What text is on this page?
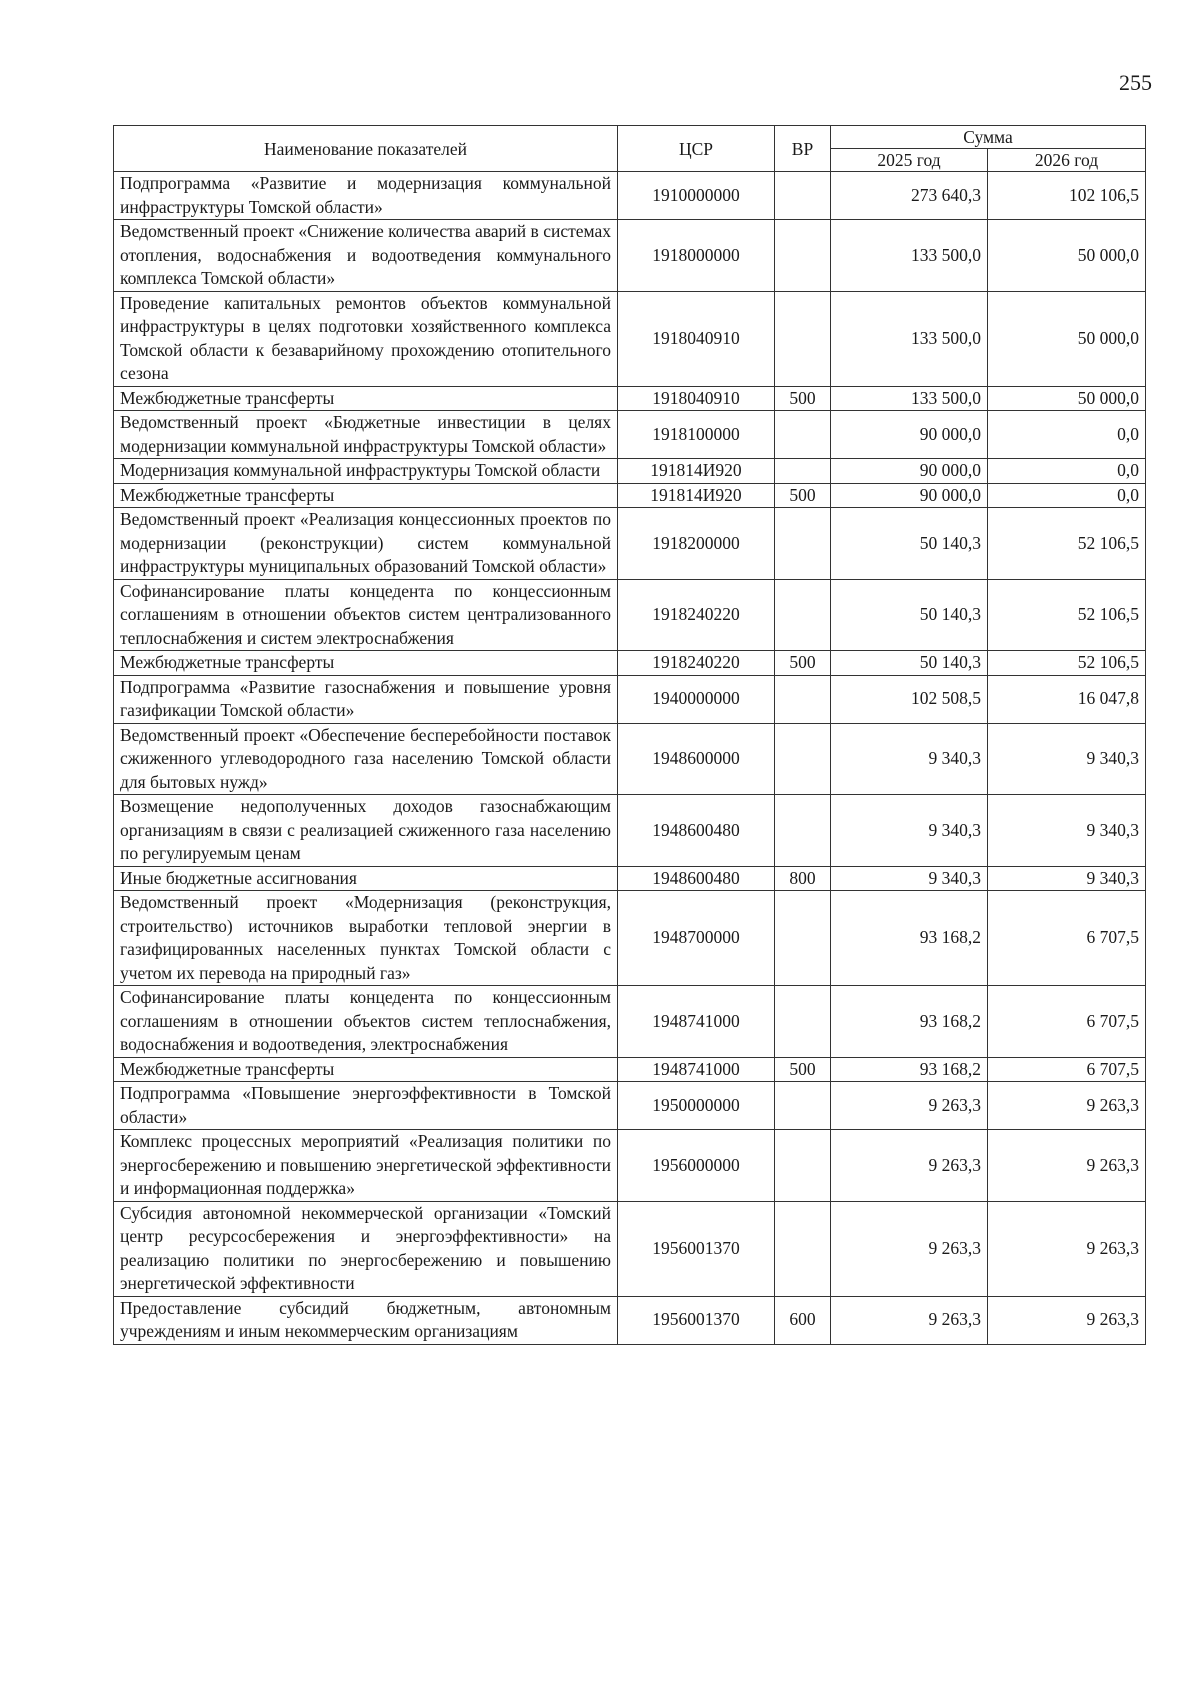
255
Наименование показателей	ЦСР	ВР	Сумма	
			2025 год	2026 год
Подпрограмма «Развитие и модернизация коммунальной инфраструктуры Томской области»	1910000000		273 640,3	102 106,5
Ведомственный проект «Снижение количества аварий в системах отопления, водоснабжения и водоотведения коммунального комплекса Томской области»	1918000000		133 500,0	50 000,0
Проведение капитальных ремонтов объектов коммунальной инфраструктуры в целях подготовки хозяйственного комплекса Томской области к безаварийному прохождению отопительного сезона	1918040910		133 500,0	50 000,0
Межбюджетные трансферты	1918040910	500	133 500,0	50 000,0
Ведомственный проект «Бюджетные инвестиции в целях модернизации коммунальной инфраструктуры Томской области»	1918100000		90 000,0	0,0
Модернизация коммунальной инфраструктуры Томской области	191814И920		90 000,0	0,0
Межбюджетные трансферты	191814И920	500	90 000,0	0,0
Ведомственный проект «Реализация концессионных проектов по модернизации (реконструкции) систем коммунальной инфраструктуры муниципальных образований Томской области»	1918200000		50 140,3	52 106,5
Софинансирование платы концедента по концессионным соглашениям в отношении объектов систем централизованного теплоснабжения и систем электроснабжения	1918240220		50 140,3	52 106,5
Межбюджетные трансферты	1918240220	500	50 140,3	52 106,5
Подпрограмма «Развитие газоснабжения и повышение уровня газификации Томской области»	1940000000		102 508,5	16 047,8
Ведомственный проект «Обеспечение бесперебойности поставок сжиженного углеводородного газа населению Томской области для бытовых нужд»	1948600000		9 340,3	9 340,3
Возмещение недополученных доходов газоснабжающим организациям в связи с реализацией сжиженного газа населению по регулируемым ценам	1948600480		9 340,3	9 340,3
Иные бюджетные ассигнования	1948600480	800	9 340,3	9 340,3
Ведомственный проект «Модернизация (реконструкция, строительство) источников выработки тепловой энергии в газифицированных населенных пунктах Томской области с учетом их перевода на природный газ»	1948700000		93 168,2	6 707,5
Софинансирование платы концедента по концессионным соглашениям в отношении объектов систем теплоснабжения, водоснабжения и водоотведения, электроснабжения	1948741000		93 168,2	6 707,5
Межбюджетные трансферты	1948741000	500	93 168,2	6 707,5
Подпрограмма «Повышение энергоэффективности в Томской области»	1950000000		9 263,3	9 263,3
Комплекс процессных мероприятий «Реализация политики по энергосбережению и повышению энергетической эффективности и информационная поддержка»	1956000000		9 263,3	9 263,3
Субсидия автономной некоммерческой организации «Томский центр ресурсосбережения и энергоэффективности» на реализацию политики по энергосбережению и повышению энергетической эффективности	1956001370		9 263,3	9 263,3
Предоставление субсидий бюджетным, автономным учреждениям и иным некоммерческим организациям	1956001370	600	9 263,3	9 263,3
